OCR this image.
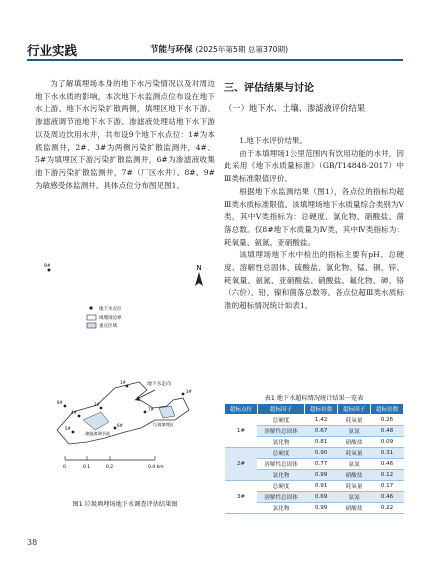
行业实践	节能与环保 (2025年第5期 总第370期)

为了解填埋场本身的地下水污染情况以及对周边地下水水质的影响，本次地下水监测点位布设在地下水上游、地下水污染扩散两侧，填埋区地下水下游、渗滤液调节池地下水下游、渗滤液处理站地下水下游以及周边饮用水井，共布设9个地下水点位：1#为本底监测井，2#、3#为两侧污染扩散监测井，4#、5#为填埋区下游污染扩散监测井，6#为渗滤液收集池下游污染扩散监测井，7#（厂区水井）、8#、9#为敏感受体监测井。具体点位分布图见图1。

N
地下水点位
填埋场边界
重点区域
9#
地下水走向
渗滤液调节池
垃圾填埋区
1#
2#
3#
4#
5#
6#
7#
8#
0	0.1	0.2	0.4 km
图1 垃圾填埋场地下水调查评估结果图
三、评估结果与讨论
（一）地下水、土壤、渗滤液评价结果

1.地下水评价结果。

由于本填埋场1公里范围内有饮用功能的水井，因此采用《地下水质量标准》（GB/T14848-2017）中Ⅲ类标准限值评价。

根据地下水监测结果（图1），各点位的指标均超Ⅲ类水质标准限值。该填埋场地下水质量综合类别为Ⅴ类，其中Ⅴ类指标为：总硬度、氯化物、硝酸盐、菌落总数。仅8#地下水质量为Ⅳ类，其中Ⅳ类指标为：耗氧量、氨氮、亚硝酸盐。

该填埋场地下水中检出的指标主要有pH、总硬度、溶解性总固体、硫酸盐、氯化物、锰、铜、锌、耗氧量、氨氮、亚硝酸盐、硝酸盐、氟化物、砷、铬（六价）、铅、镍和菌落总数等。各点位超Ⅲ类水质标准的超标情况统计如表1。

表1 地下水超标情况统计结果一览表
超标点位	超标因子	超标倍数	超标因子	超标倍数
1#	总硬度	1.42	耗氧量	0.26
	溶解性总固体	0.67	氨氮	0.48
	氯化物	0.81	硝酸盐	0.09
2#	总硬度	0.90	耗氧量	0.31
	溶解性总固体	0.77	氨氮	0.46
	氯化物	0.99	硝酸盐	0.12
3#	总硬度	0.91	耗氧量	0.17
	溶解性总固体	0.69	氨氮	0.46
	氯化物	0.99	硝酸盐	0.22
38
